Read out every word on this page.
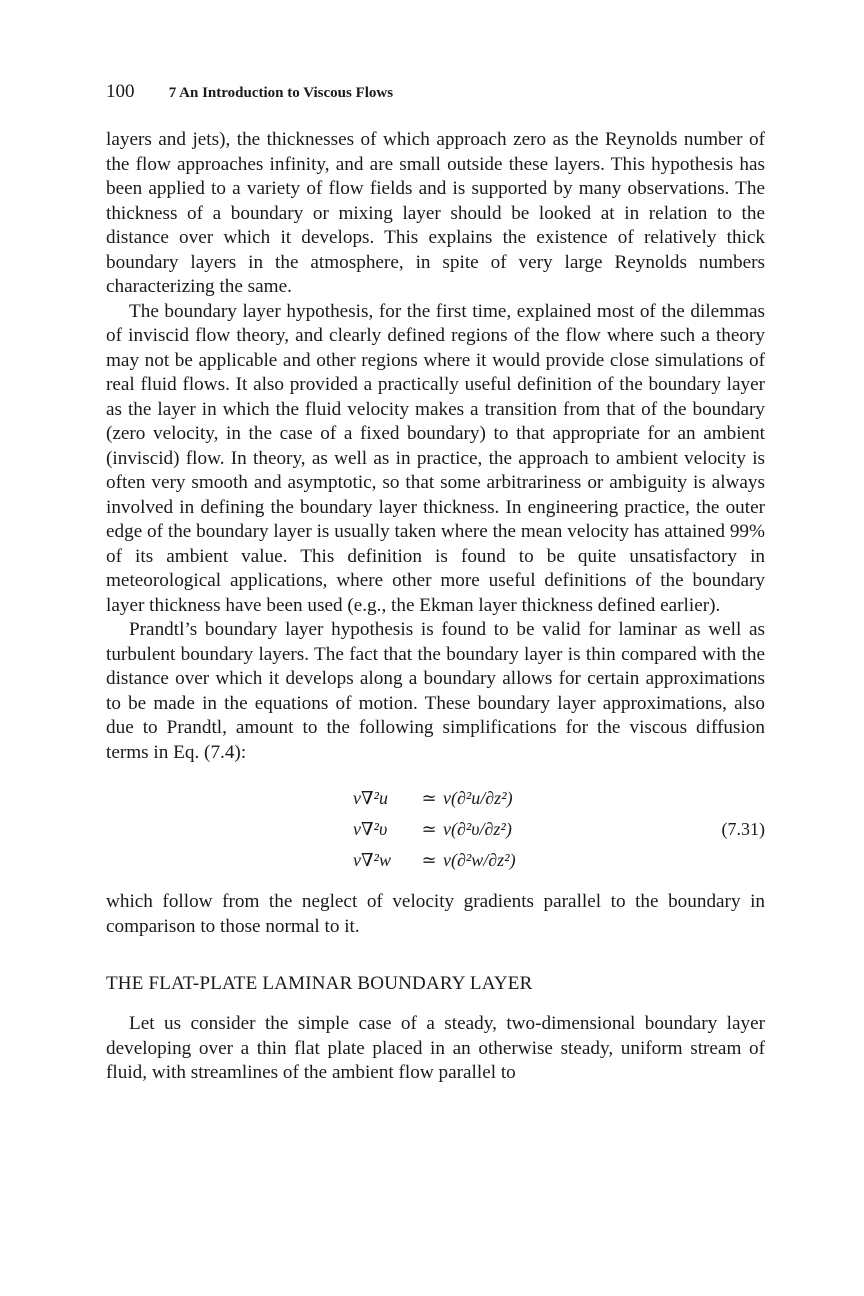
100 7 An Introduction to Viscous Flows

layers and jets), the thicknesses of which approach zero as the Reynolds number of the flow approaches infinity, and are small outside these layers. This hypothesis has been applied to a variety of flow fields and is supported by many observations. The thickness of a boundary or mixing layer should be looked at in relation to the distance over which it develops. This explains the existence of relatively thick boundary layers in the atmosphere, in spite of very large Reynolds numbers characterizing the same.

The boundary layer hypothesis, for the first time, explained most of the dilemmas of inviscid flow theory, and clearly defined regions of the flow where such a theory may not be applicable and other regions where it would provide close simulations of real fluid flows. It also provided a practically useful definition of the boundary layer as the layer in which the fluid velocity makes a transition from that of the boundary (zero velocity, in the case of a fixed boundary) to that appropriate for an ambient (inviscid) flow. In theory, as well as in practice, the approach to ambient velocity is often very smooth and asymptotic, so that some arbitrariness or ambiguity is always involved in defining the boundary layer thickness. In engineering practice, the outer edge of the boundary layer is usually taken where the mean velocity has attained 99% of its ambient value. This definition is found to be quite unsatisfactory in meteorological applications, where other more useful definitions of the boundary layer thickness have been used (e.g., the Ekman layer thickness defined earlier).

Prandtl’s boundary layer hypothesis is found to be valid for laminar as well as turbulent boundary layers. The fact that the boundary layer is thin compared with the distance over which it develops along a boundary allows for certain approximations to be made in the equations of motion. These boundary layer approximations, also due to Prandtl, amount to the following simplifications for the viscous diffusion terms in Eq. (7.4):

ν∇²u ≃ ν(∂²u/∂z²)
ν∇²υ ≃ ν(∂²υ/∂z²)
ν∇²w ≃ ν(∂²w/∂z²)
(7.31)

which follow from the neglect of velocity gradients parallel to the boundary in comparison to those normal to it.

THE FLAT-PLATE LAMINAR BOUNDARY LAYER

Let us consider the simple case of a steady, two-dimensional boundary layer developing over a thin flat plate placed in an otherwise steady, uniform stream of fluid, with streamlines of the ambient flow parallel to
